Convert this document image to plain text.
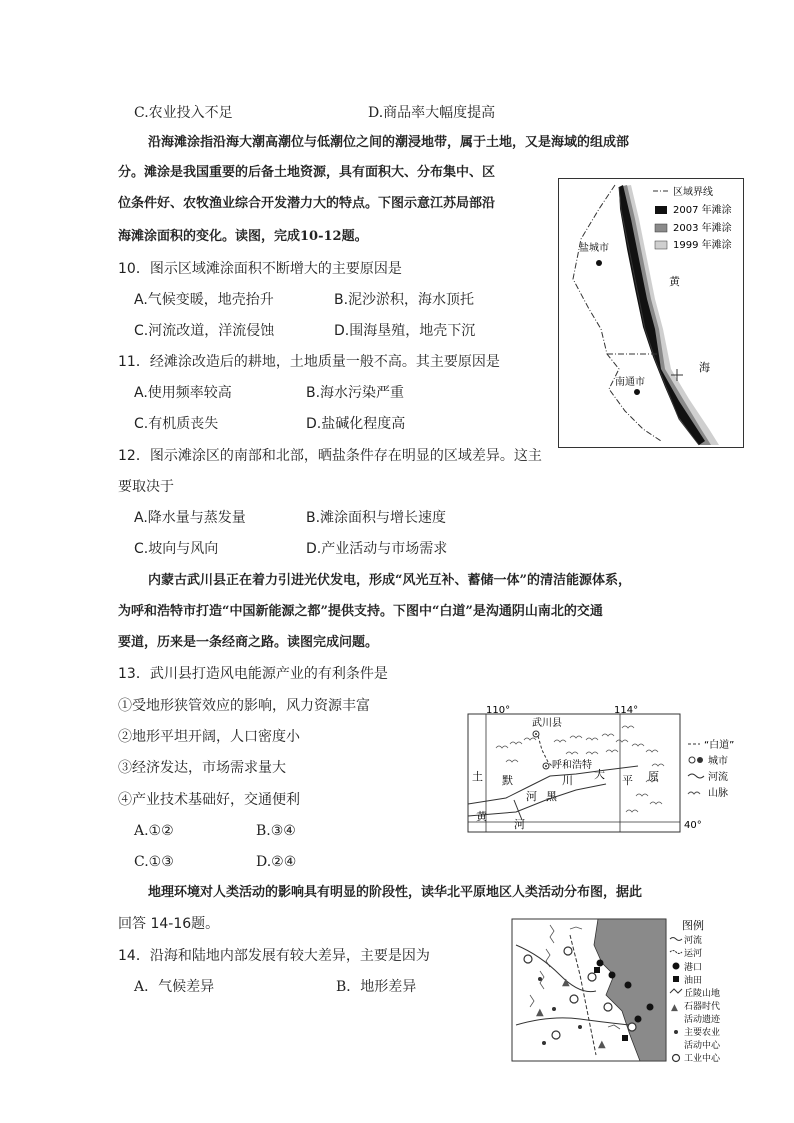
C.农业投入不足	D.商品率大幅度提高
沿海滩涂指沿海大潮高潮位与低潮位之间的潮浸地带，属于土地，又是海域的组成部
分。滩涂是我国重要的后备土地资源，具有面积大、分布集中、区
位条件好、农牧渔业综合开发潜力大的特点。下图示意江苏局部沿
海滩涂面积的变化。读图，完成10-12题。
10．图示区域滩涂面积不断增大的主要原因是
A.气候变暖，地壳抬升	B.泥沙淤积，海水顶托
C.河流改道，洋流侵蚀	D.围海垦殖，地壳下沉
11．经滩涂改造后的耕地，土地质量一般不高。其主要原因是
A.使用频率较高	B.海水污染严重
C.有机质丧失	D.盐碱化程度高
12．图示滩涂区的南部和北部，晒盐条件存在明显的区域差异。这主
要取决于
A.降水量与蒸发量	B.滩涂面积与增长速度
C.坡向与风向	D.产业活动与市场需求
区域界线
2007 年滩涂
2003 年滩涂
1999 年滩涂
盐城市
南通市
黄
海
内蒙古武川县正在着力引进光伏发电，形成“风光互补、蓄储一体”的清洁能源体系，
为呼和浩特市打造“中国新能源之都”提供支持。下图中“白道”是沟通阴山南北的交通
要道，历来是一条经商之路。读图完成问题。
13．武川县打造风电能源产业的有利条件是
①受地形狭管效应的影响，风力资源丰富
②地形平坦开阔，人口密度小
③经济发达，市场需求量大
④产业技术基础好，交通便利
A.①②	B.③④
C.①③	D.②④
110°	114°
40°
武川县
呼和浩特
土 默	川 大 平 原
黑
河
黄
河
“白道”
城市
河流
山脉
地理环境对人类活动的影响具有明显的阶段性，读华北平原地区人类活动分布图，据此
回答 14-16题。
14．沿海和陆地内部发展有较大差异，主要是因为
A．气候差异	B．地形差异
▲
▲
▲
图例
河流
运河
港口
油田
丘陵山地
▲ 石器时代
活动遗迹
主要农业
活动中心
工业中心
